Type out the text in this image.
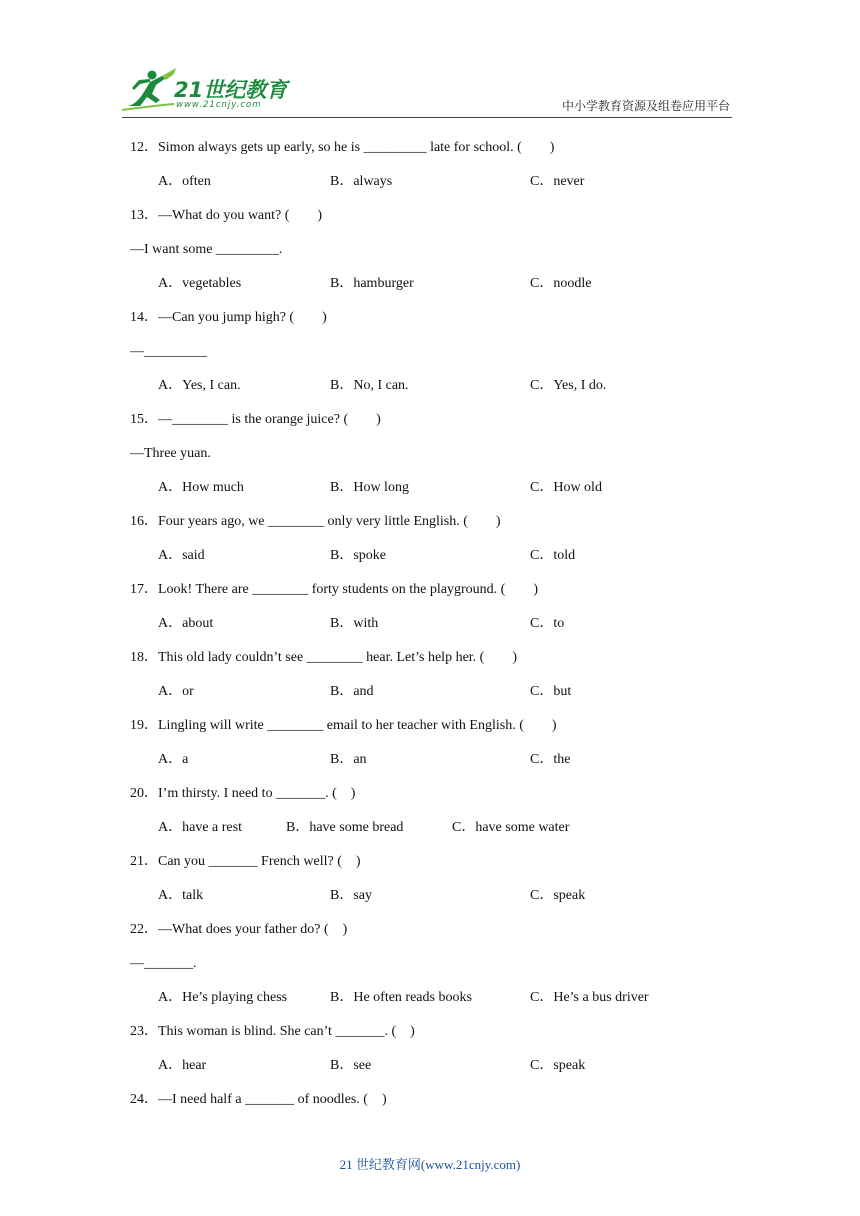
21世纪教育
www.21cnjy.com	中小学教育资源及组卷应用平台
12．Simon always gets up early, so he is _________ late for school. (　　)
A．often	B．always	C．never
13．—What do you want? (　　)
—I want some _________.
A．vegetables	B．hamburger	C．noodle
14．—Can you jump high? (　　)
—_________
A．Yes, I can.	B．No, I can.	C．Yes, I do.
15．—________ is the orange juice? (　　)
—Three yuan.
A．How much	B．How long	C．How old
16．Four years ago, we ________ only very little English. (　　)
A．said	B．spoke	C．told
17．Look! There are ________ forty students on the playground. (　　)
A．about	B．with	C．to
18．This old lady couldn’t see ________ hear. Let’s help her. (　　)
A．or	B．and	C．but
19．Lingling will write ________ email to her teacher with English. (　　)
A．a	B．an	C．the
20．I’m thirsty. I need to _______. (　)
A．have a rest	B．have some bread	C．have some water
21．Can you _______ French well? (　)
A．talk	B．say	C．speak
22．—What does your father do? (　)
—_______.
A．He’s playing chess	B．He often reads books	C．He’s a bus driver
23．This woman is blind. She can’t _______. (　)
A．hear	B．see	C．speak
24．—I need half a _______ of noodles. (　)
21 世纪教育网(www.21cnjy.com)
